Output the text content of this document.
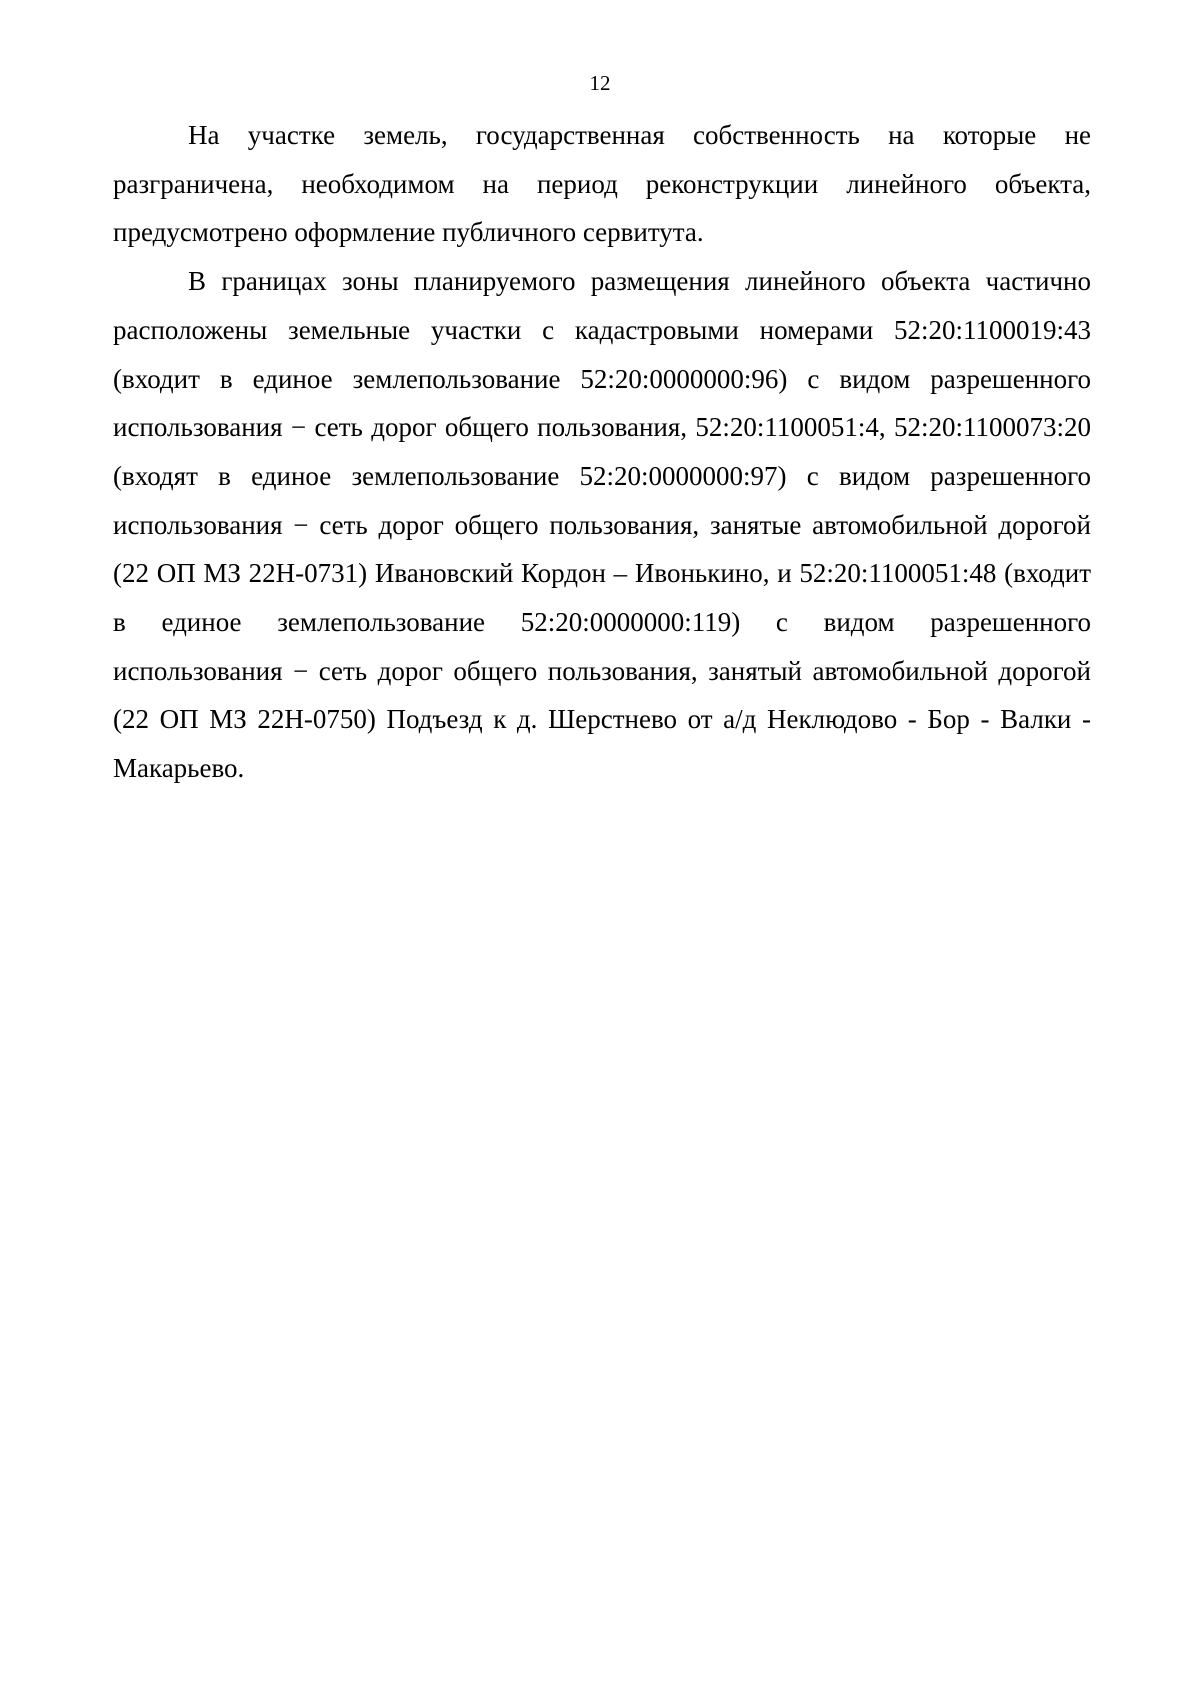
12

На участке земель, государственная собственность на которые не разграничена, необходимом на период реконструкции линейного объекта, предусмотрено оформление публичного сервитута.

В границах зоны планируемого размещения линейного объекта частично расположены земельные участки с кадастровыми номерами 52:20:1100019:43 (входит в единое землепользование 52:20:0000000:96) с видом разрешенного использования − сеть дорог общего пользования, 52:20:1100051:4, 52:20:1100073:20 (входят в единое землепользование 52:20:0000000:97) с видом разрешенного использования − сеть дорог общего пользования, занятые автомобильной дорогой (22 ОП МЗ 22Н-0731) Ивановский Кордон – Ивонькино, и 52:20:1100051:48 (входит в единое землепользование 52:20:0000000:119) с видом разрешенного использования − сеть дорог общего пользования, занятый автомобильной дорогой (22 ОП МЗ 22Н-0750) Подъезд к д. Шерстнево от а/д Неклюдово - Бор - Валки - Макарьево.
